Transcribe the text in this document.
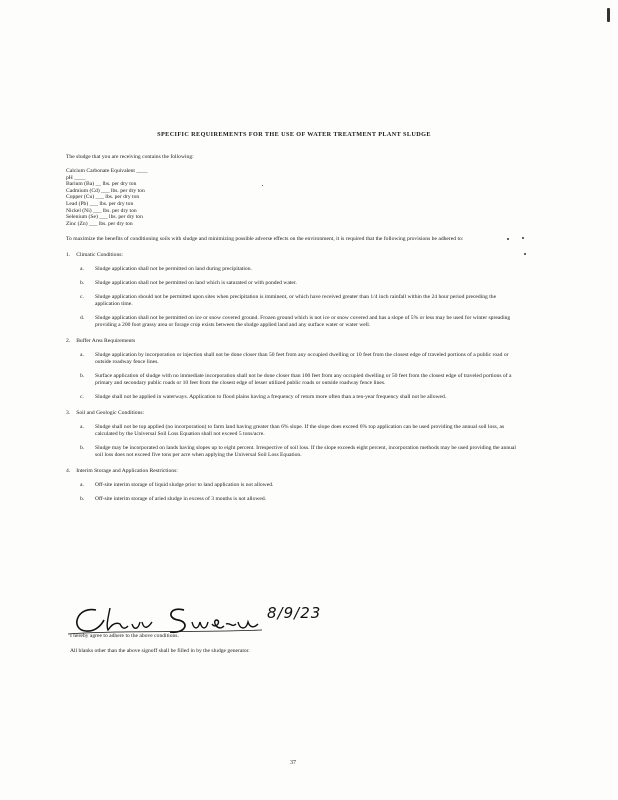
SPECIFIC REQUIREMENTS FOR THE USE OF WATER TREATMENT PLANT SLUDGE
The sludge that you are receiving contains the following:
Calcium Carbonate Equivalent ____
pH ____
Barium (Ba) __ lbs. per dry ton
Cadmium (Cd) ___ lbs. per dry ton
Copper (Cu) ___ lbs. per dry ton
Lead (Pb) ___ lbs. per dry ton
Nickel (Ni) ___ lbs. per dry ton
Selenium (Se) ___ lbs. per dry ton
Zinc (Zn) ___ lbs. per dry ton
To maximize the benefits of conditioning soils with sludge and minimizing possible adverse effects on the environment, it is required that the following provisions be adhered to:
1. Climatic Conditions:
a.	Sludge application shall not be permitted on land during precipitation.
b.	Sludge application shall not be permitted on land which is saturated or with ponded water.
c.	Sludge application should not be permitted upon sites when precipitation is imminent, or which have received greater than 1/4 inch rainfall within the 24 hour period preceding the application time.
d.	Sludge application shall not be permitted on ice or snow covered ground. Frozen ground which is not ice or snow covered and has a slope of 5% or less may be used for winter spreading providing a 200 foot grassy area or forage crop exists between the sludge applied land and any surface water or water well.
2. Buffer Area Requirements
a.	Sludge application by incorporation or injection shall not be done closer than 50 feet from any occupied dwelling or 10 feet from the closest edge of traveled portions of a public road or outside roadway fence lines.
b.	Surface application of sludge with no immediate incorporation shall not be done closer than 100 feet from any occupied dwelling or 50 feet from the closest edge of traveled portions of a primary and secondary public roads or 10 feet from the closest edge of lesser utilized public roads or outside roadway fence lines.
c.	Sludge shall not be applied in waterways. Application to flood plains having a frequency of return more often than a ten-year frequency shall not be allowed.
3. Soil and Geologic Conditions:
a.	Sludge shall not be top applied (no incorporation) to farm land having greater than 6% slope. If the slope does exceed 6% top application can be used providing the annual soil loss, as calculated by the Universal Soil Loss Equation shall not exceed 5 tons/acre.
b.	Sludge may be incorporated on lands having slopes up to eight percent. Irrespective of soil loss. If the slope exceeds eight percent, incorporation methods may be used providing the annual soil loss does not exceed five tons per acre when applying the Universal Soil Loss Equation.
4. Interim Storage and Application Restrictions:
a.	Off-site interim storage of liquid sludge prior to land application is not allowed.
b.	Off-site interim storage of aried sludge in excess of 3 months is not allowed.
8/9/23
I hereby agree to adhere to the above conditions.
All blanks other than the above signoff shall be filled in by the sludge generator.
37
